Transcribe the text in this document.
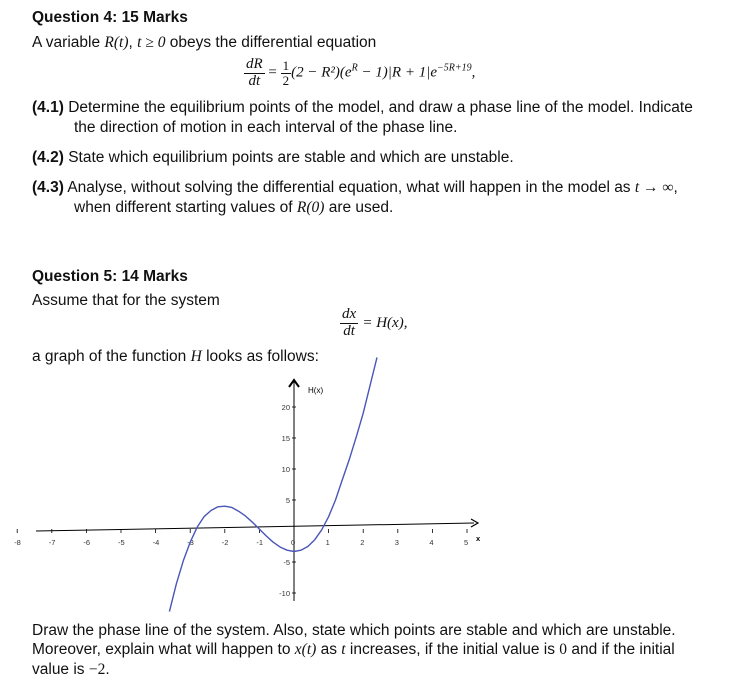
Question 4: 15 Marks
A variable R(t), t ≥ 0 obeys the differential equation
$\frac{dR}{dt} = \frac{1}{2} (2 - R^2)(e^R - 1)|R + 1|e^{-5R+19}$,
(4.1) Determine the equilibrium points of the model, and draw a phase line of the model. Indicate
the direction of motion in each interval of the phase line.
(4.2) State which equilibrium points are stable and which are unstable.
(4.3) Analyse, without solving the differential equation, what will happen in the model as t → ∞,
when different starting values of R(0) are used.
Question 5: 14 Marks
Assume that for the system
$\frac{dx}{dt} = H(x)$,
a graph of the function H looks as follows:
H(x)
-8	-7	-6	-5	-4	-3	-2	-1	0	1	2	3	4	5 x
20
15
10
5
-5
-10
Draw the phase line of the system. Also, state which points are stable and which are unstable.
Moreover, explain what will happen to x(t) as t increases, if the initial value is 0 and if the initial
value is −2.
